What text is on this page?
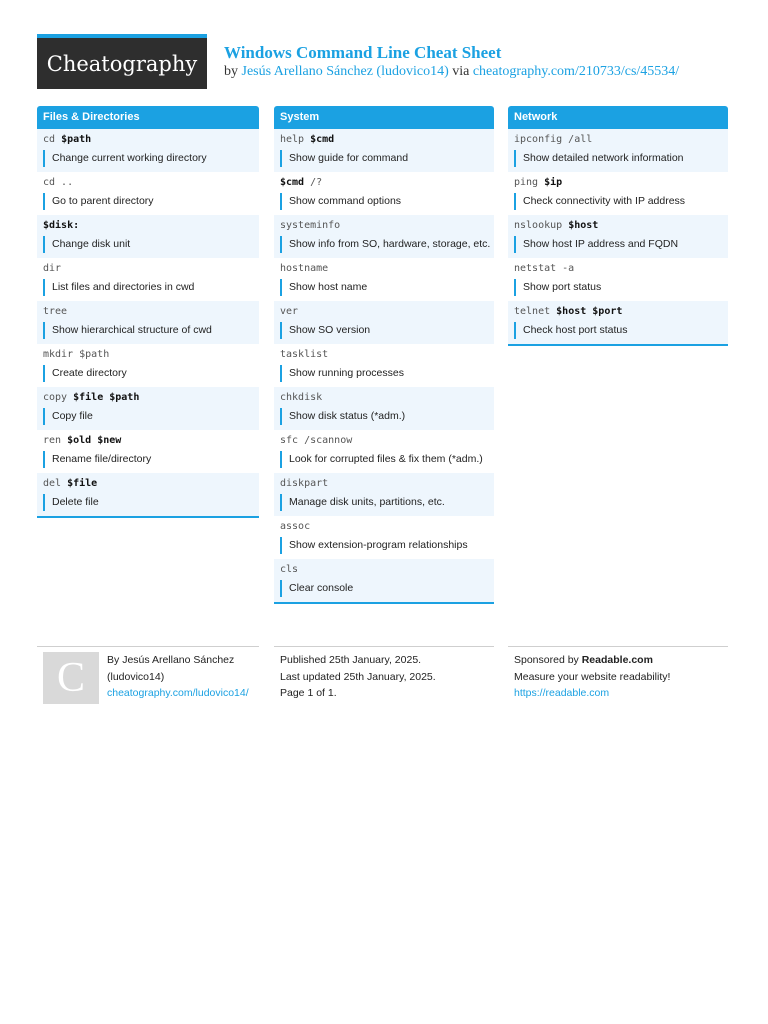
Cheatography Windows Command Line Cheat Sheet
by Jesús Arellano Sánchez (ludovico14) via cheatography.com/210733/cs/45534/
Files & Directories
cd $path
Change current working directory
cd ..
Go to parent directory
$disk:
Change disk unit
dir
List files and directories in cwd
tree
Show hierarchical structure of cwd
mkdir $path
Create directory
copy $file $path
Copy file
ren $old $new
Rename file/directory
del $file
Delete file
System
help $cmd
Show guide for command
$cmd /?
Show command options
systeminfo
Show info from SO, hardware, storage, etc.
hostname
Show host name
ver
Show SO version
tasklist
Show running processes
chkdisk
Show disk status (*adm.)
sfc /scannow
Look for corrupted files & fix them (*adm.)
diskpart
Manage disk units, partitions, etc.
assoc
Show extension-program relationships
cls
Clear console
Network
ipconfig /all
Show detailed network information
ping $ip
Check connectivity with IP address
nslookup $host
Show host IP address and FQDN
netstat -a
Show port status
telnet $host $port
Check host port status
C By Jesús Arellano Sánchez
(ludovico14)
cheatography.com/ludovico14/
Published 25th January, 2025.
Last updated 25th January, 2025.
Page 1 of 1.
Sponsored by Readable.com
Measure your website readability!
https://readable.com
